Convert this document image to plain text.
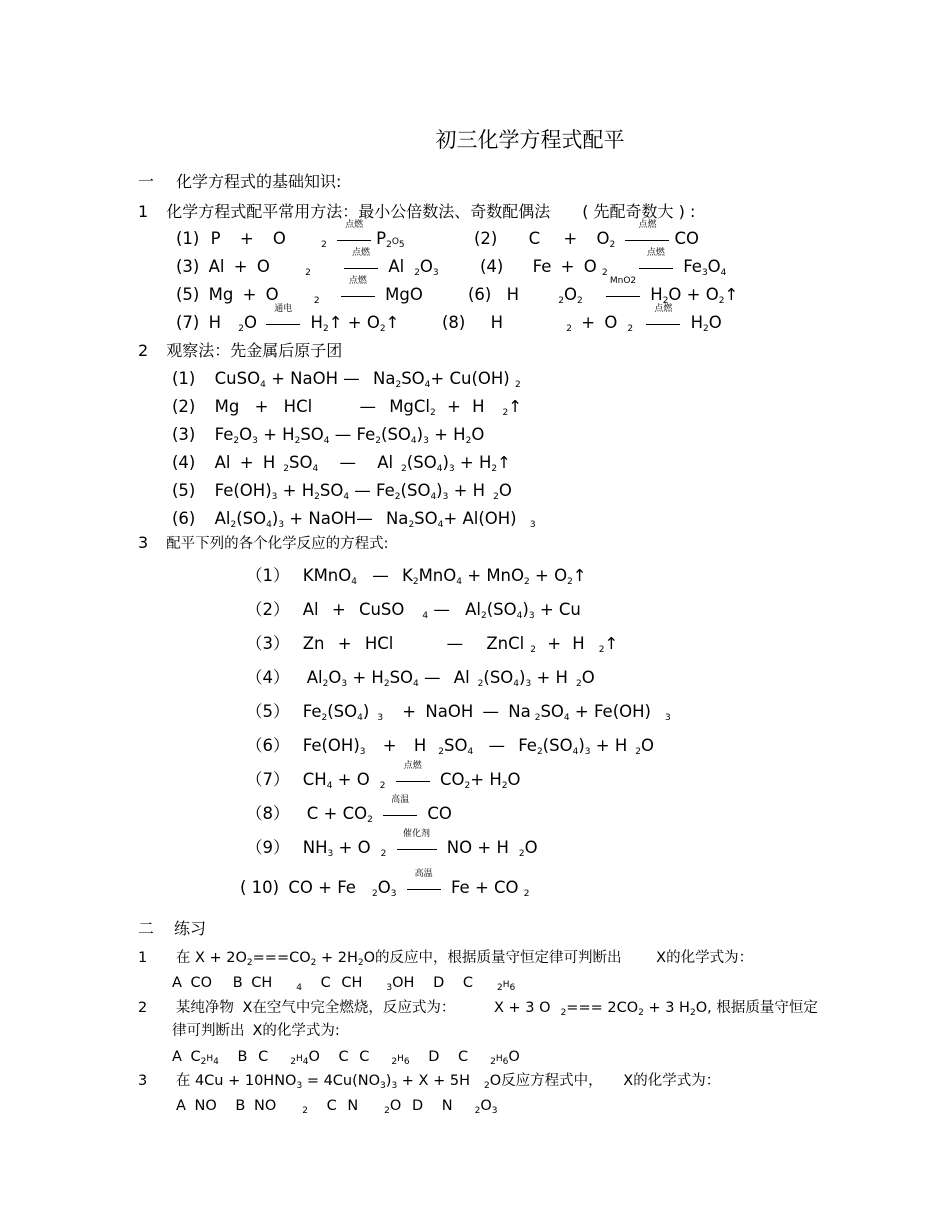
初三化学方程式配平
一 化学方程式的基础知识:
1 化学方程式配平常用方法：最小公倍数法、奇数配偶法 ( 先配奇数大 ) :
(1) P + O	$_2$
点燃
$P_2O_5$	(2) $C + O_2$
点燃
CO
(3) Al + O	$_2$
点燃
Al $_2O_3$	(4) Fe + O $_2$
点燃
$Fe_3O_4$
(5) Mg + O	$_2$
点燃
MgO	(6) H	$_2O_2$
MnO2
$H_2O$ + $O_2↑$
(7) H $_2$O
通电
$H_2↑$ + $O_2↑$	(8) H	$_2$ + O $_2$
点燃
$H_2O$
2 观察法：先金属后原子团
(1) CuSO$_4$ + NaOH — $Na_2SO_4+ Cu(OH)$ $_2$
(2) Mg + HCl	— MgCl$_2$ + H $_2$↑
(3) $Fe_2O_3 + H_2SO_4$ — $Fe_2(SO_4)_3 + H_2O$
(4) Al + H $_2SO_4$ — Al $_2(SO_4)_3$ + $H_2↑$
(5) $Fe(OH)_3 + H_2SO_4$ — $Fe_2(SO_4)_3 + H$ $_2$O
(6) $Al_2(SO_4)_3$ + NaOH— $Na_2SO_4+ Al(OH)$ $_3$
3 配平下列的各个化学反应的方程式:
（1） KMnO$_4$ — $K_2MnO_4 + MnO_2$ + $O_2↑$
（2） Al + CuSO $_4$ — $Al_2(SO_4)_3 + Cu$
（3） Zn + HCl	— ZnCl $_2$ + H $_2$↑
（4） $Al_2O_3 + H_2SO_4$ — Al $_2(SO_4)_3 + H$ $_2$O
（5） $Fe_2(SO_4) _3$ + NaOH — Na $_2SO_4 + Fe(OH)$ $_3$
（6） $Fe(OH)_3 + H$ $_2SO_4$ — $Fe_2(SO_4)_3 + H$ $_2$O
（7） $CH_4 + O$ $_2$
点燃
$CO_2+ H_2O$
（8） $C + CO_2$
高温
CO
（9） $NH_3 + O$ $_2$
催化剂
NO + H $_2$O
( 10) CO + Fe $_2O_3$
高温
Fe + CO $_2$
二 练习
1 在 $X + 2O_2===CO_2 + 2H_2O$的反应中，根据质量守恒定律可判断出 X的化学式为：
A CO B CH	$_4$ C CH	$_3$OH D C	$_2H_6$
2 某纯净物 X在空气中完全燃烧，反应式为：	X + 3 O $_2=== 2CO_2 + 3$ $H_2O$, 根据质量守恒定
律可判断出 X的化学式为:
A $C_2H_4$ B C $_2H_4O$ C C $_2H_6$ D C $_2H_6O$
3 在 $4Cu + 10HNO_3 = 4Cu(NO_3)_3 + X + 5H$ $_2$O反应方程式中， X的化学式为：
A NO B NO	$_2$ C N	$_2$O D N $_2O_3$
